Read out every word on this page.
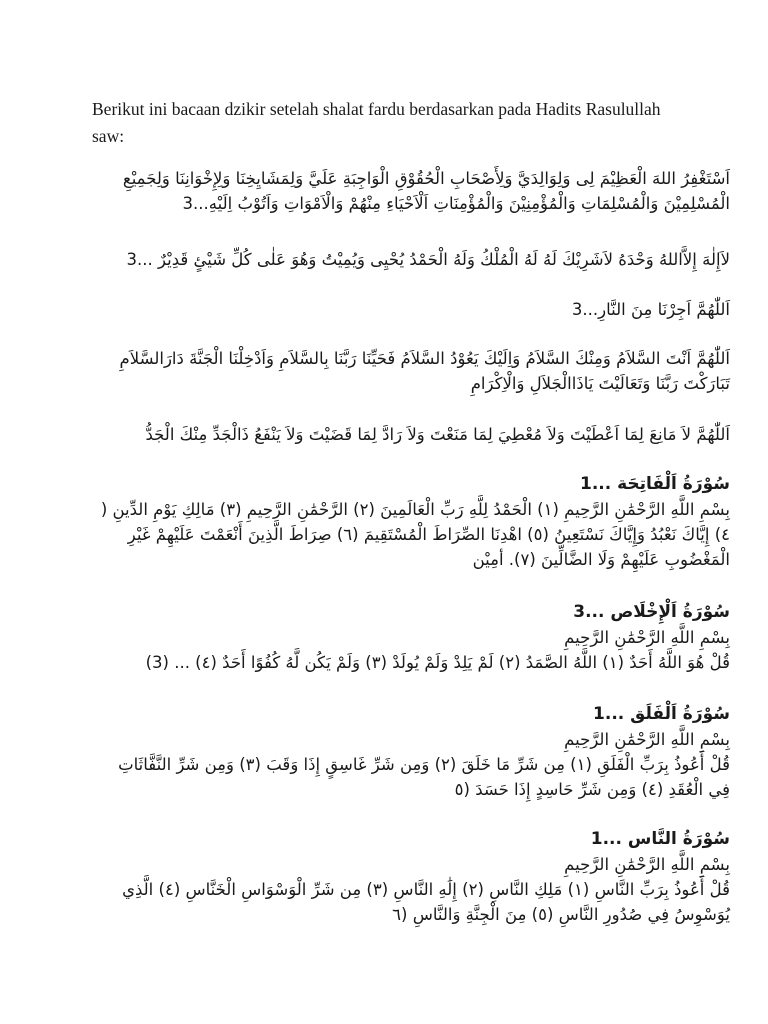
Berikut ini bacaan dzikir setelah shalat fardu berdasarkan pada Hadits Rasulullah saw:
اَسْتَغْفِرُ اللهَ الْعَظِيْمَ لِى وَلِوَالِدَيَّ وَلِأَصْحَابِ الْحُقُوْقِ الْوَاجِبَةِ عَلَيَّ وَلِمَشَايِخِنَا وَلِإِخْوَانِنَا وَلِجَمِيْعِ
الْمُسْلِمِيْنَ وَالْمُسْلِمَاتِ وَالْمُؤْمِنِيْنَ وَالْمُؤْمِنَاتِ اَلْاَحْيَاءِ مِنْهُمْ وَالْاَمْوَاتِ وَاَتُوْبُ اِلَيْهِ...3
لاَإِلٰهَ إِلاَّاللهُ وَحْدَهُ لاَشَرِيْكَ لَهُ لَهُ الْمُلْكُ وَلَهُ الْحَمْدُ يُحْيِى وَيُمِيْتُ وَهُوَ عَلٰى كُلِّ شَيْئٍ قَدِيْرٌ ...3
اَللّٰهُمَّ اَجِرْنَا مِنَ النَّارِ...3
اَللّٰهُمَّ اَنْتَ السَّلاَمُ وَمِنْكَ السَّلاَمُ وَاِلَيْكَ يَعُوْدُ السَّلاَمُ فَحَيِّنَا رَبَّنَا بِالسَّلاَمِ وَاَدْخِلْنَا الْجَنَّةَ دَارَالسَّلاَمِ
تَبَارَكْتَ رَبَّنَا وَتَعَالَيْتَ يَاذَاالْجَلاَلِ وَالْاِكْرَامِ
اَللّٰهُمَّ لاَ مَانِعَ لِمَا اَعْطَيْتَ وَلاَ مُعْطِيَ لِمَا مَنَعْتَ وَلاَ رَادَّ لِمَا قَضَيْتَ وَلاَ يَنْفَعُ ذَالْجَدِّ مِنْكَ الْجَدُّ
سُوْرَةُ اَلْفَاتِحَة ...1
بِسْمِ اللَّهِ الرَّحْمَٰنِ الرَّحِيمِ (١) الْحَمْدُ لِلَّهِ رَبِّ الْعَالَمِينَ (٢) الرَّحْمَٰنِ الرَّحِيمِ (٣) مَالِكِ يَوْمِ الدِّينِ (
٤) إِيَّاكَ نَعْبُدُ وَإِيَّاكَ نَسْتَعِينُ (٥) اهْدِنَا الصِّرَاطَ الْمُسْتَقِيمَ (٦) صِرَاطَ الَّذِينَ أَنْعَمْتَ عَلَيْهِمْ غَيْرِ
الْمَغْضُوبِ عَلَيْهِمْ وَلَا الضَّالِّينَ (٧). أمِيْن
سُوْرَةُ اَلْإِخْلَاص ...3
بِسْمِ اللَّهِ الرَّحْمَٰنِ الرَّحِيمِ
قُلْ هُوَ اللَّهُ أَحَدٌ (١) اللَّهُ الصَّمَدُ (٢) لَمْ يَلِدْ وَلَمْ يُولَدْ (٣) وَلَمْ يَكُن لَّهُ كُفُوًا أَحَدٌ (٤) ... (3)
سُوْرَةُ اَلْفَلَق ...1
بِسْمِ اللَّهِ الرَّحْمَٰنِ الرَّحِيمِ
قُلْ أَعُوذُ بِرَبِّ الْفَلَقِ (١) مِن شَرِّ مَا خَلَقَ (٢) وَمِن شَرِّ غَاسِقٍ إِذَا وَقَبَ (٣) وَمِن شَرِّ النَّفَّاثَاتِ
فِي الْعُقَدِ (٤) وَمِن شَرِّ حَاسِدٍ إِذَا حَسَدَ (٥
سُوْرَةُ النَّاس ...1
بِسْمِ اللَّهِ الرَّحْمَٰنِ الرَّحِيمِ
قُلْ أَعُوذُ بِرَبِّ النَّاسِ (١) مَلِكِ النَّاسِ (٢) إِلَٰهِ النَّاسِ (٣) مِن شَرِّ الْوَسْوَاسِ الْخَنَّاسِ (٤) الَّذِي
يُوَسْوِسُ فِي صُدُورِ النَّاسِ (٥) مِنَ الْجِنَّةِ وَالنَّاسِ (٦
